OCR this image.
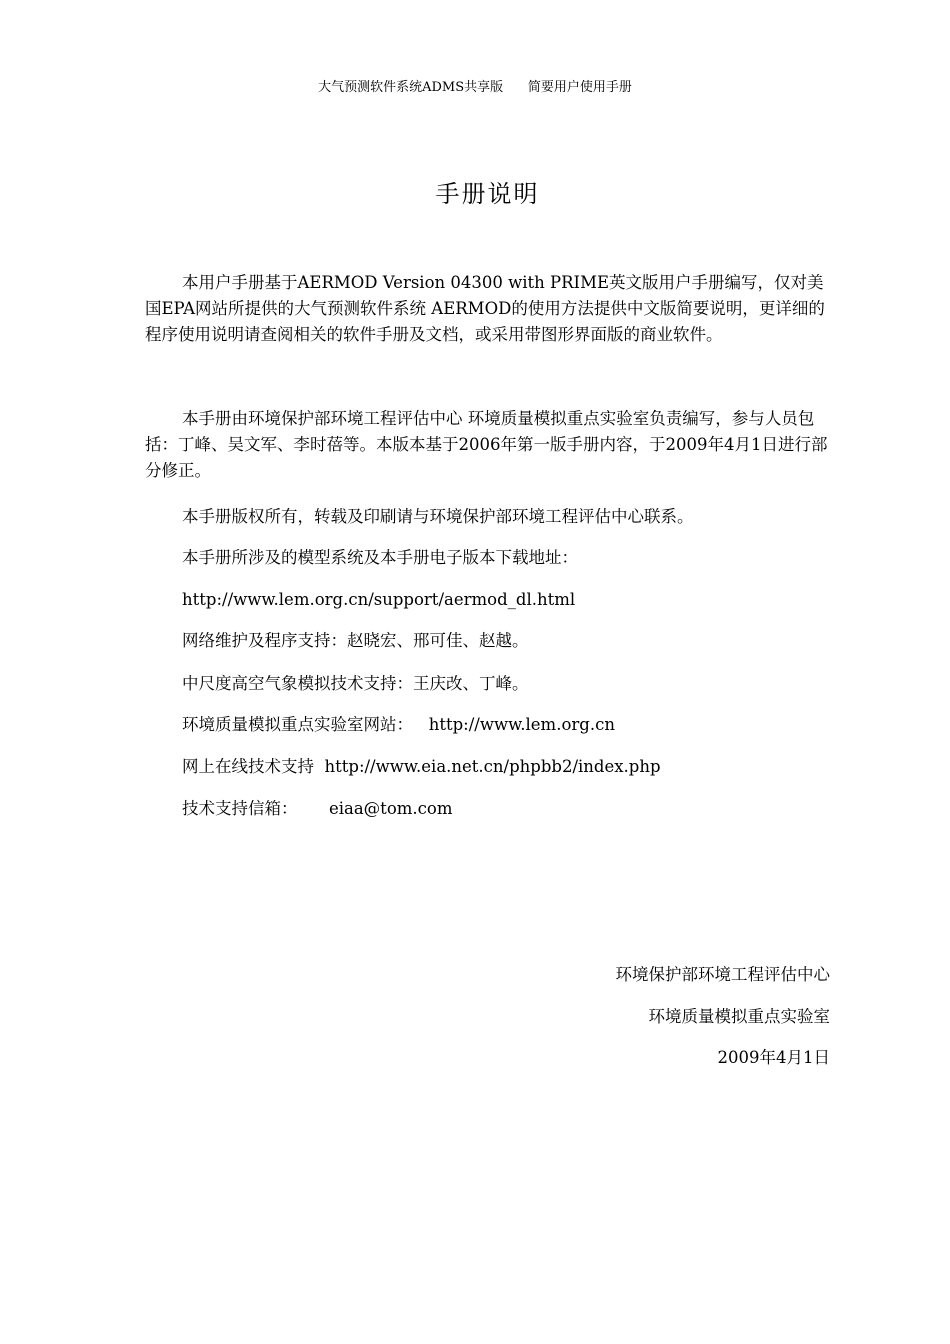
大气预测软件系统ADMS共享版      简要用户使用手册
手册说明

本用户手册基于AERMOD Version 04300 with PRIME英文版用户手册编写，仅对美国EPA网站所提供的大气预测软件系统 AERMOD的使用方法提供中文版简要说明，更详细的程序使用说明请查阅相关的软件手册及文档，或采用带图形界面版的商业软件。

本手册由环境保护部环境工程评估中心 环境质量模拟重点实验室负责编写，参与人员包括：丁峰、吴文军、李时蓓等。本版本基于2006年第一版手册内容，于2009年4月1日进行部分修正。

本手册版权所有，转载及印刷请与环境保护部环境工程评估中心联系。
本手册所涉及的模型系统及本手册电子版本下载地址：
http://www.lem.org.cn/support/aermod_dl.html
网络维护及程序支持：赵晓宏、邢可佳、赵越。
中尺度高空气象模拟技术支持：王庆改、丁峰。
环境质量模拟重点实验室网站：   http://www.lem.org.cn
网上在线技术支持  http://www.eia.net.cn/phpbb2/index.php
技术支持信箱：      eiaa@tom.com
环境保护部环境工程评估中心
环境质量模拟重点实验室
2009年4月1日
